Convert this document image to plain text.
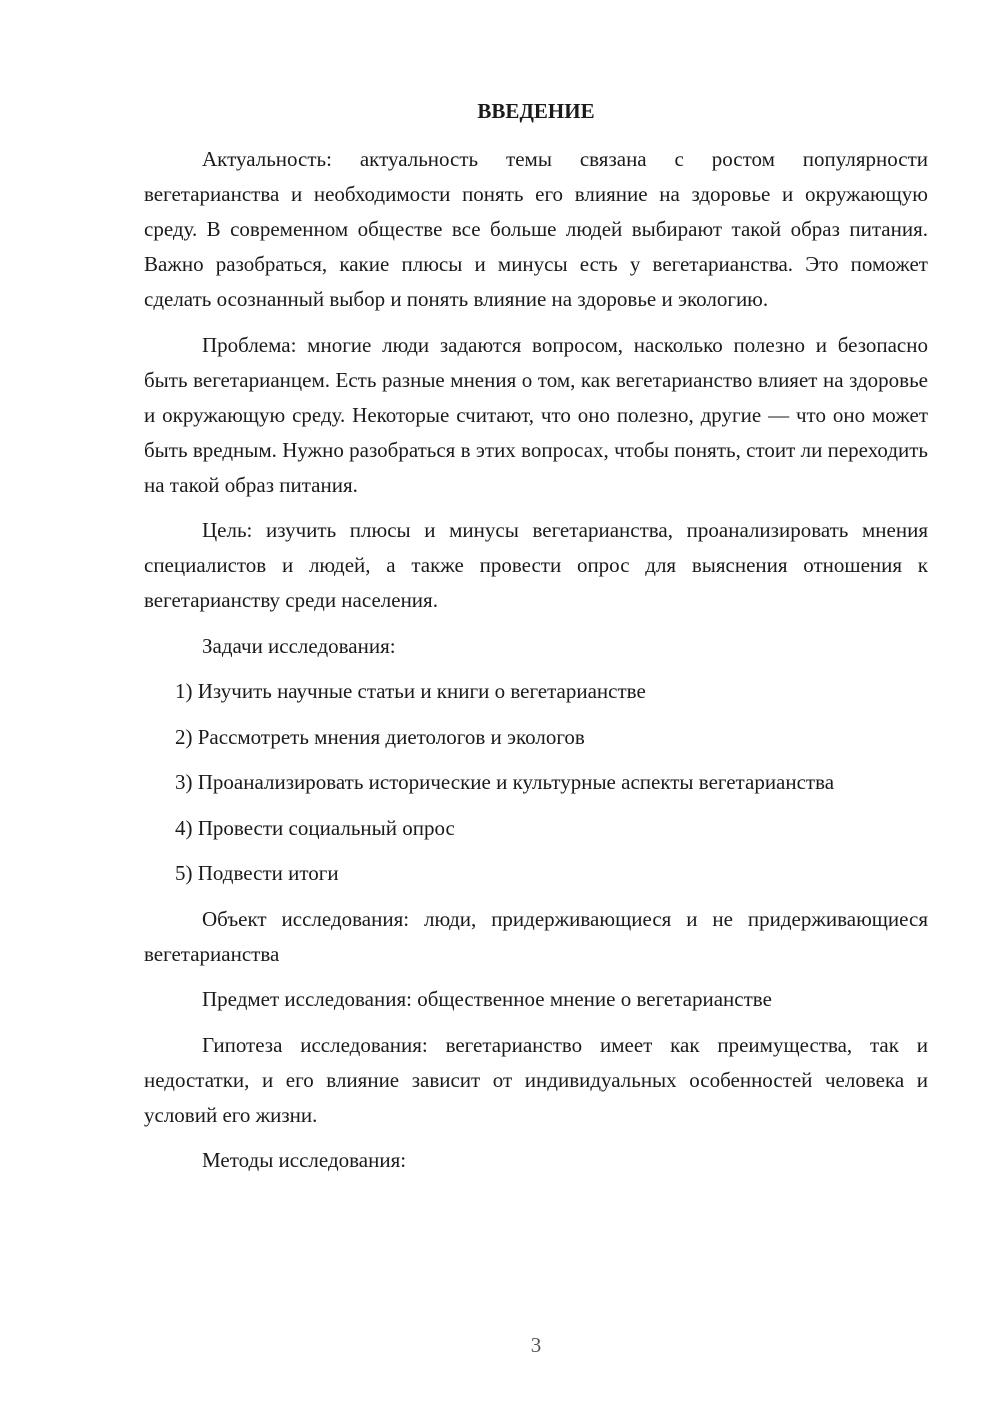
ВВЕДЕНИЕ

Актуальность: актуальность темы связана с ростом популярности вегетарианства и необходимости понять его влияние на здоровье и окружающую среду. В современном обществе все больше людей выбирают такой образ питания. Важно разобраться, какие плюсы и минусы есть у вегетарианства. Это поможет сделать осознанный выбор и понять влияние на здоровье и экологию.

Проблема: многие люди задаются вопросом, насколько полезно и безопасно быть вегетарианцем. Есть разные мнения о том, как вегетарианство влияет на здоровье и окружающую среду. Некоторые считают, что оно полезно, другие — что оно может быть вредным. Нужно разобраться в этих вопросах, чтобы понять, стоит ли переходить на такой образ питания.

Цель: изучить плюсы и минусы вегетарианства, проанализировать мнения специалистов и людей, а также провести опрос для выяснения отношения к вегетарианству среди населения.

Задачи исследования:

1) Изучить научные статьи и книги о вегетарианстве

2) Рассмотреть мнения диетологов и экологов

3) Проанализировать исторические и культурные аспекты вегетарианства

4) Провести социальный опрос

5) Подвести итоги

Объект исследования: люди, придерживающиеся и не придерживающиеся вегетарианства

Предмет исследования: общественное мнение о вегетарианстве

Гипотеза исследования: вегетарианство имеет как преимущества, так и недостатки, и его влияние зависит от индивидуальных особенностей человека и условий его жизни.

Методы исследования:

3
